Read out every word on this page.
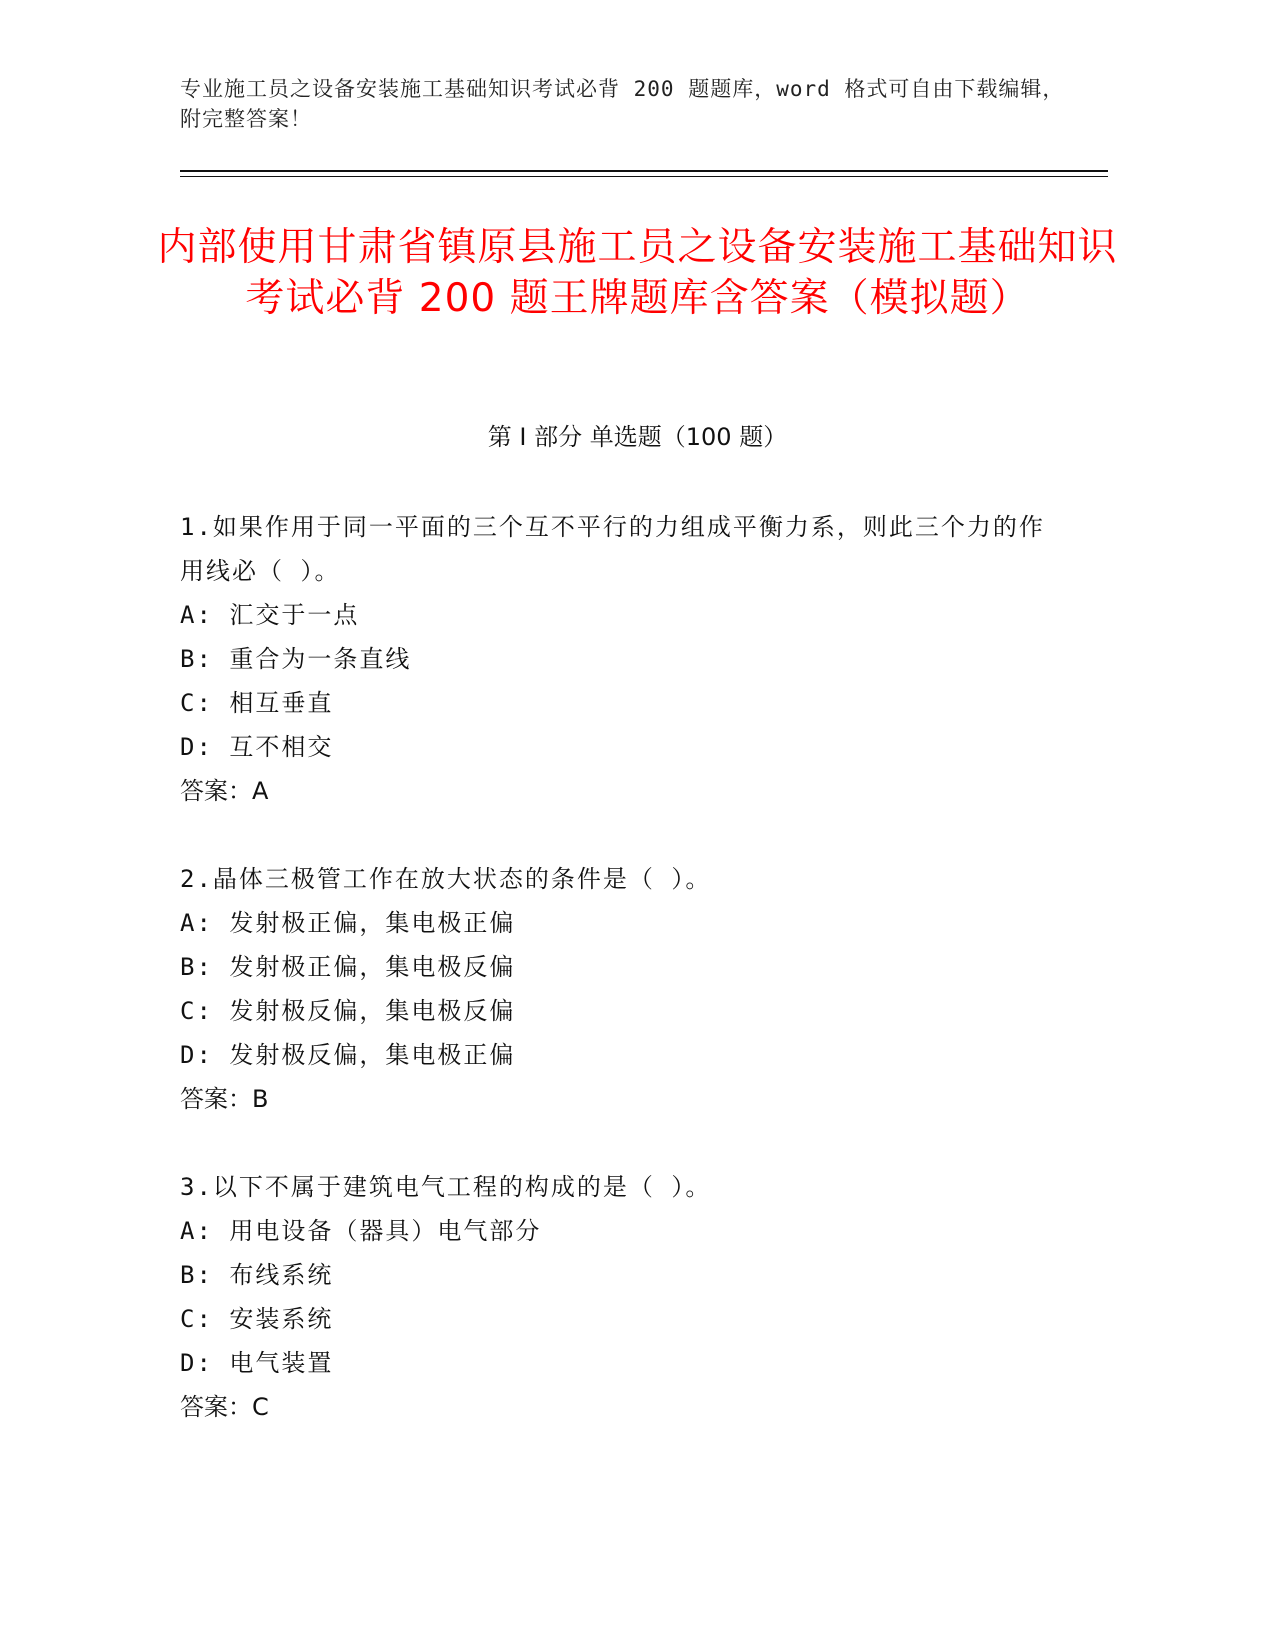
专业施工员之设备安装施工基础知识考试必背 200 题题库，word 格式可自由下载编辑，附完整答案！
内部使用甘肃省镇原县施工员之设备安装施工基础知识考试必背 200 题王牌题库含答案（模拟题）
第 I 部分 单选题（100 题）
1.如果作用于同一平面的三个互不平行的力组成平衡力系，则此三个力的作用线必（ ）。
A: 汇交于一点
B: 重合为一条直线
C: 相互垂直
D: 互不相交
答案：A
2.晶体三极管工作在放大状态的条件是（ ）。
A: 发射极正偏，集电极正偏
B: 发射极正偏，集电极反偏
C: 发射极反偏，集电极反偏
D: 发射极反偏，集电极正偏
答案：B
3.以下不属于建筑电气工程的构成的是（ ）。
A: 用电设备（器具）电气部分
B: 布线系统
C: 安装系统
D: 电气装置
答案：C
